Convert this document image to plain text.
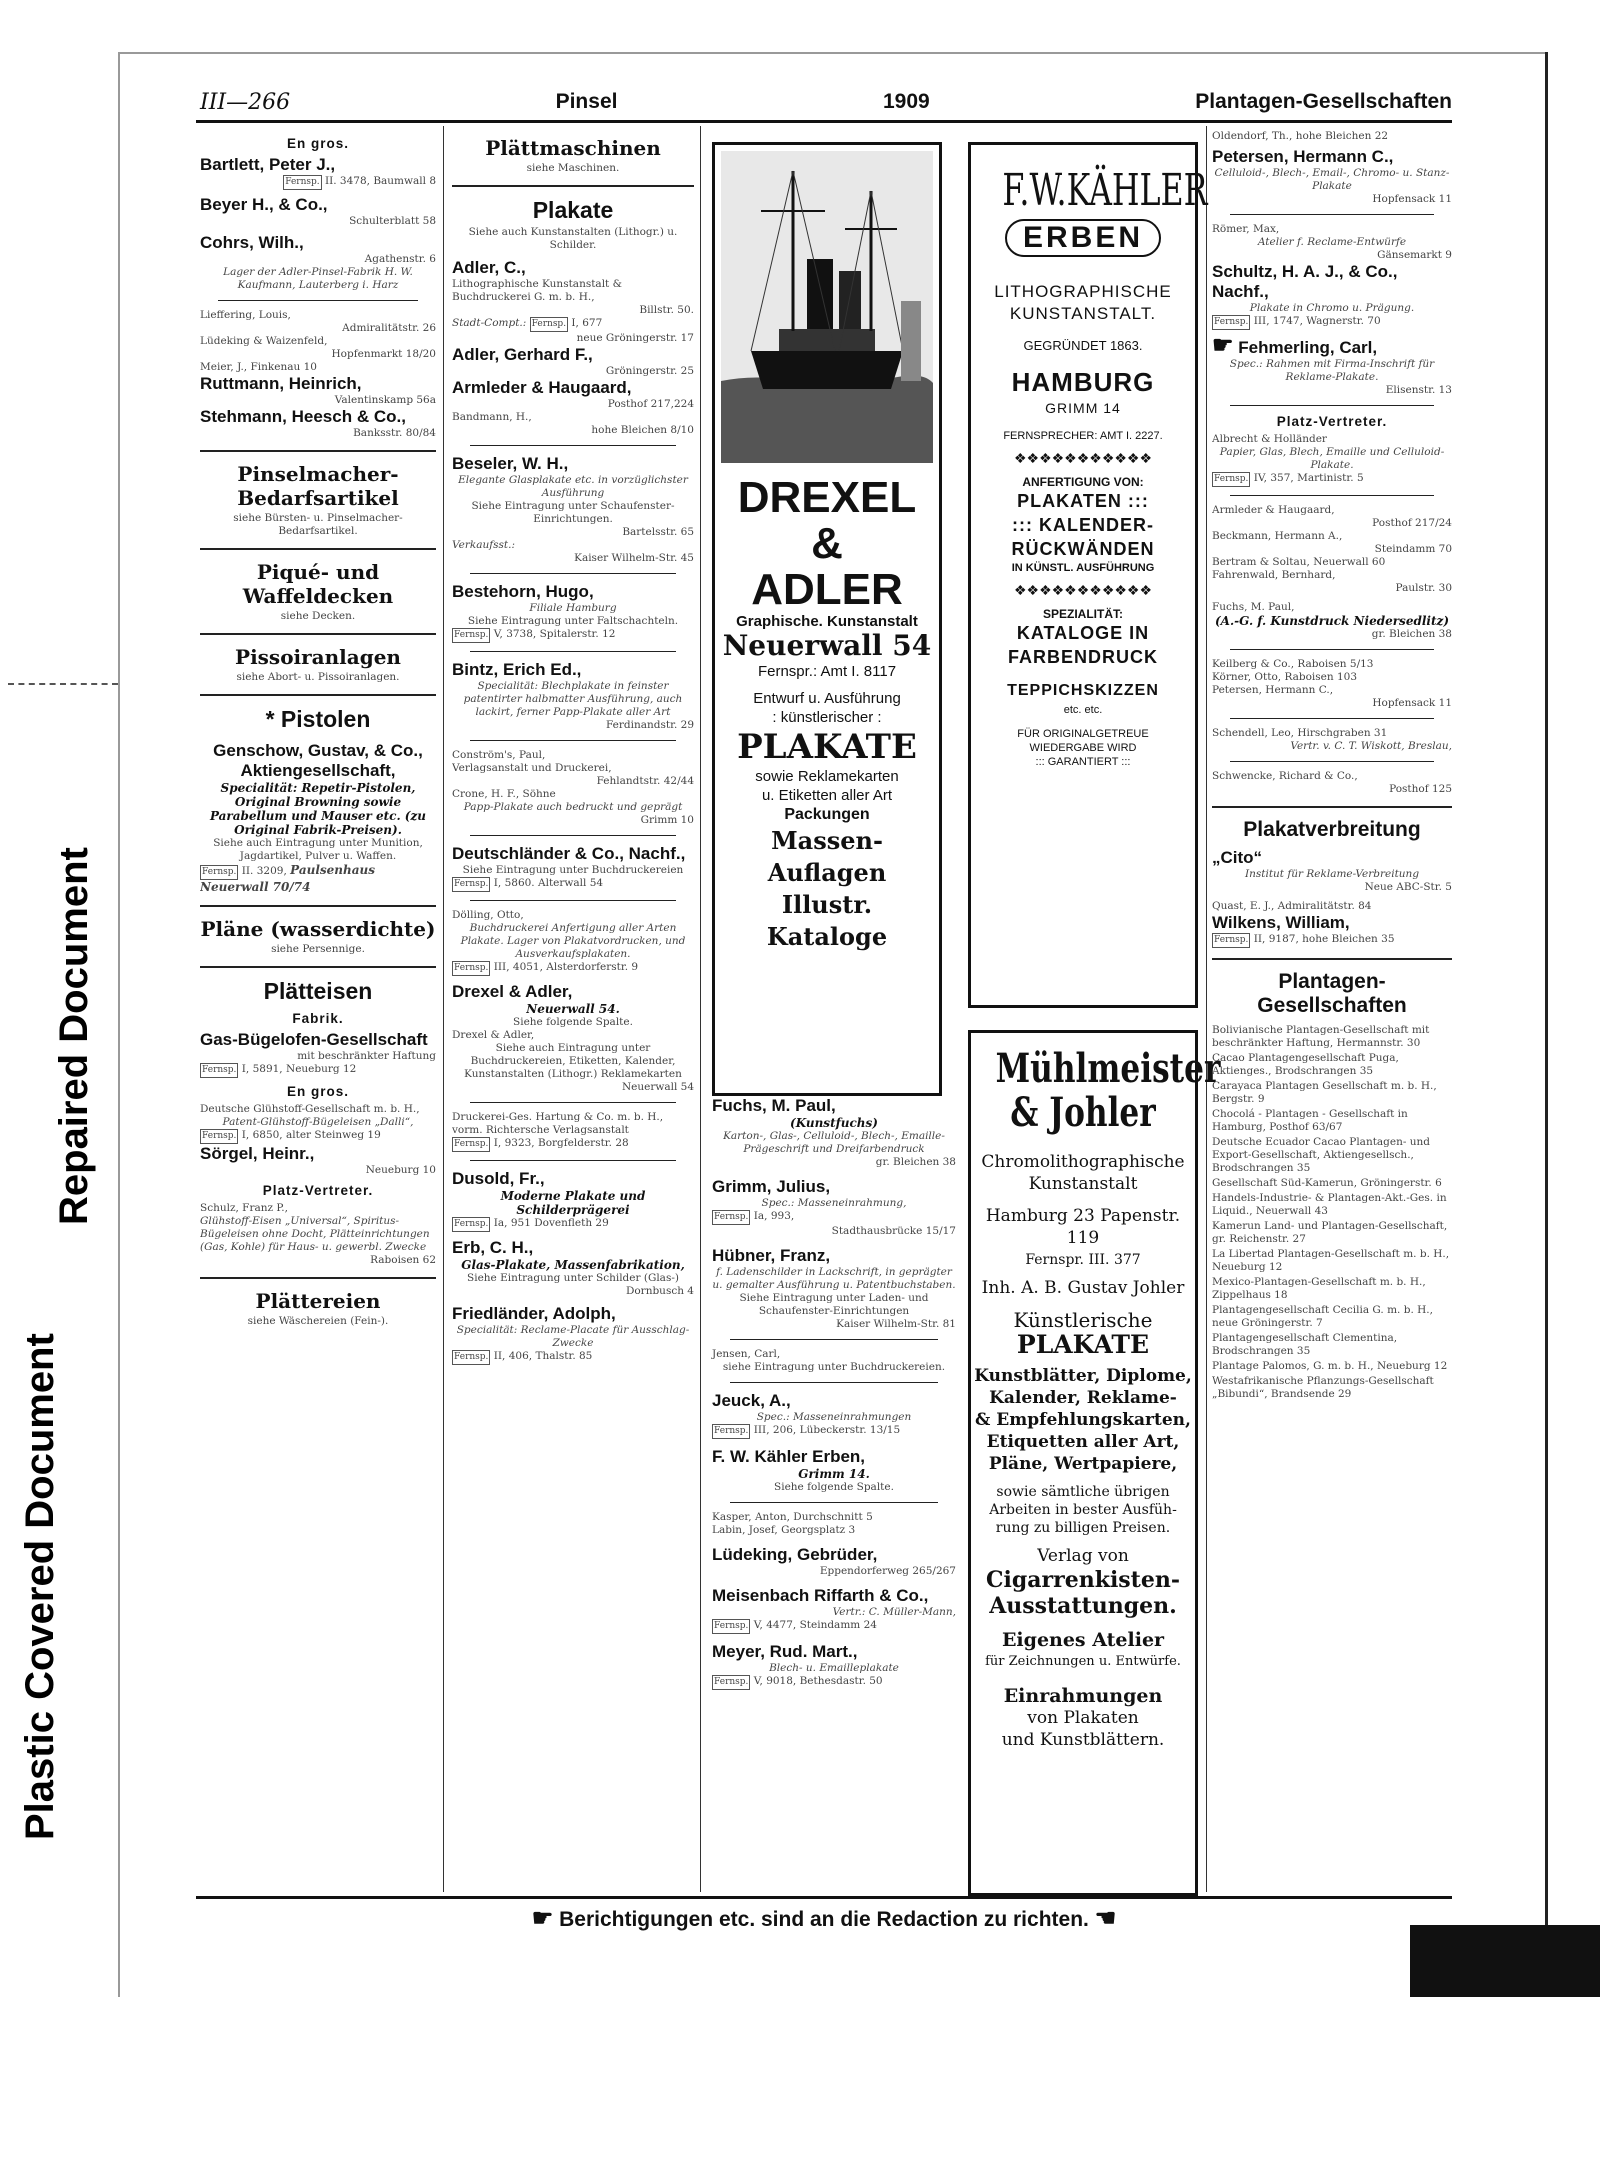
Plastic Covered Document
Repaired Document
III—266	Pinsel	1909	Plantagen-Gesellschaften
En gros.
Bartlett, Peter J.,
Fernsp. II. 3478, Baumwall 8
Beyer H., & Co.,
Schulterblatt 58
Cohrs, Wilh.,
Agathenstr. 6
Lager der Adler-Pinsel-Fabrik H. W. Kaufmann, Lauterberg i. Harz
Lieffering, Louis,
Admiralitätstr. 26
Lüdeking & Waizenfeld,
Hopfenmarkt 18/20
Meier, J., Finkenau 10
Ruttmann, Heinrich,
Valentinskamp 56a
Stehmann, Heesch & Co.,
Banksstr. 80/84
Pinselmacher-Bedarfsartikel
siehe Bürsten- u. Pinselmacher-Bedarfsartikel.
Piqué- und Waffeldecken
siehe Decken.
Pissoiranlagen
siehe Abort- u. Pissoiranlagen.
* Pistolen
Genschow, Gustav, & Co., Aktiengesellschaft,
Specialität: Repetir-Pistolen, Original Browning sowie Parabellum und Mauser etc. (zu Original Fabrik-Preisen).
Siehe auch Eintragung unter Munition, Jagdartikel, Pulver u. Waffen.
Fernsp. II. 3209, Paulsenhaus Neuerwall 70/74
Pläne (wasserdichte)
siehe Persennige.
Plätteisen
Fabrik.
Gas-Bügelofen-Gesellschaft
mit beschränkter Haftung
Fernsp. I, 5891, Neueburg 12
En gros.
Deutsche Glühstoff-Gesellschaft m. b. H.,
Patent-Glühstoff-Bügeleisen „Dalli“,
Fernsp. I, 6850, alter Steinweg 19
Sörgel, Heinr.,
Neueburg 10
Platz-Vertreter.
Schulz, Franz P.,
Glühstoff-Eisen „Universal“, Spiritus-Bügeleisen ohne Docht, Plätteinrichtungen (Gas, Kohle) für Haus- u. gewerbl. Zwecke
Raboisen 62
Plättereien
siehe Wäschereien (Fein-).
Plättmaschinen
siehe Maschinen.
Plakate
Siehe auch Kunstanstalten (Lithogr.) u. Schilder.
Adler, C.,
Lithographische Kunstanstalt & Buchdruckerei G. m. b. H.,
Billstr. 50.
Stadt-Compt.: Fernsp. I, 677
neue Gröningerstr. 17
Adler, Gerhard F.,
Gröningerstr. 25
Armleder & Haugaard,
Posthof 217,224
Bandmann, H.,
hohe Bleichen 8/10
Beseler, W. H.,
Elegante Glasplakate etc. in vorzüglichster Ausführung
Siehe Eintragung unter Schaufenster-Einrichtungen.
Bartelsstr. 65
Verkaufsst.:
Kaiser Wilhelm-Str. 45
Bestehorn, Hugo,
Filiale Hamburg
Siehe Eintragung unter Faltschachteln.
Fernsp. V, 3738, Spitalerstr. 12
Bintz, Erich Ed.,
Specialität: Blechplakate in feinster patentirter halbmatter Ausführung, auch lackirt, ferner Papp-Plakate aller Art
Ferdinandstr. 29
Conström's, Paul,
Verlagsanstalt und Druckerei,
Fehlandtstr. 42/44
Crone, H. F., Söhne
Papp-Plakate auch bedruckt und geprägt
Grimm 10
Deutschländer & Co., Nachf.,
Siehe Eintragung unter Buchdruckereien
Fernsp. I, 5860. Alterwall 54
Dölling, Otto,
Buchdruckerei Anfertigung aller Arten Plakate. Lager von Plakatvordrucken, und Ausverkaufsplakaten.
Fernsp. III, 4051, Alsterdorferstr. 9
Drexel & Adler,
Neuerwall 54.
Siehe folgende Spalte.
Drexel & Adler,
Siehe auch Eintragung unter Buchdruckereien, Etiketten, Kalender, Kunstanstalten (Lithogr.) Reklamekarten
Neuerwall 54
Druckerei-Ges. Hartung & Co. m. b. H., vorm. Richtersche Verlagsanstalt
Fernsp. I, 9323, Borgfelderstr. 28
Dusold, Fr.,
Moderne Plakate und Schilderprägerei
Fernsp. Ia, 951 Dovenfleth 29
Erb, C. H.,
Glas-Plakate, Massenfabrikation,
Siehe Eintragung unter Schilder (Glas-)
Dornbusch 4
Friedländer, Adolph,
Specialität: Reclame-Placate für Ausschlag-Zwecke
Fernsp. II, 406, Thalstr. 85
DREXEL &
ADLER
Graphische. Kunstanstalt
Neuerwall 54
Fernspr.: Amt I. 8117
Entwurf u. Ausführung
: künstlerischer :
PLAKATE
sowie Reklamekarten
u. Etiketten aller Art
Packungen
Massen-Auflagen
Illustr. Kataloge
F.W.KÄHLER
ERBEN
LITHOGRAPHISCHE
KUNSTANSTALT.
GEGRÜNDET 1863.
HAMBURG
GRIMM 14
FERNSPRECHER: AMT I. 2227.
❖❖❖❖❖❖❖❖❖❖❖
ANFERTIGUNG VON:
PLAKATEN :::
::: KALENDER-
RÜCKWÄNDEN
IN KÜNSTL. AUSFÜHRUNG
❖❖❖❖❖❖❖❖❖❖❖
SPEZIALITÄT:
KATALOGE IN
FARBENDRUCK
TEPPICHSKIZZEN
etc. etc.
FÜR ORIGINALGETREUE
WIEDERGABE WIRD
::: GARANTIERT :::
Mühlmeister
& Johler
Chromolithographische
Kunstanstalt
Hamburg 23 Papenstr. 119
Fernspr. III. 377
Inh. A. B. Gustav Johler
Künstlerische
PLAKATE
Kunstblätter, Diplome,
Kalender, Reklame-
& Empfehlungskarten,
Etiquetten aller Art,
Pläne, Wertpapiere,
sowie sämtliche übrigen
Arbeiten in bester Ausfüh-
rung zu billigen Preisen.
Verlag von
Cigarrenkisten-
Ausstattungen.
Eigenes Atelier
für Zeichnungen u. Entwürfe.
Einrahmungen
von Plakaten
und Kunstblättern.
Fuchs, M. Paul,
(Kunstfuchs)
Karton-, Glas-, Celluloid-, Blech-, Emaille-Prägeschrift und Dreifarbendruck
gr. Bleichen 38
Grimm, Julius,
Spec.: Masseneinrahmung,
Fernsp. Ia, 993,
Stadthausbrücke 15/17
Hübner, Franz,
f. Ladenschilder in Lackschrift, in geprägter u. gemalter Ausführung u. Patentbuchstaben.
Siehe Eintragung unter Laden- und Schaufenster-Einrichtungen
Kaiser Wilhelm-Str. 81
Jensen, Carl,
siehe Eintragung unter Buchdruckereien.
Jeuck, A.,
Spec.: Masseneinrahmungen
Fernsp. III, 206, Lübeckerstr. 13/15
F. W. Kähler Erben,
Grimm 14.
Siehe folgende Spalte.
Kasper, Anton, Durchschnitt 5
Labin, Josef, Georgsplatz 3
Lüdeking, Gebrüder,
Eppendorferweg 265/267
Meisenbach Riffarth & Co.,
Vertr.: C. Müller-Mann,
Fernsp. V, 4477, Steindamm 24
Meyer, Rud. Mart.,
Blech- u. Emailleplakate
Fernsp. V, 9018, Bethesdastr. 50
Oldendorf, Th., hohe Bleichen 22
Petersen, Hermann C.,
Celluloid-, Blech-, Email-, Chromo- u. Stanz-Plakate
Hopfensack 11
Römer, Max,
Atelier f. Reclame-Entwürfe
Gänsemarkt 9
Schultz, H. A. J., & Co., Nachf.,
Plakate in Chromo u. Prägung.
Fernsp. III, 1747, Wagnerstr. 70
☛ Fehmerling, Carl,
Spec.: Rahmen mit Firma-Inschrift für Reklame-Plakate.
Elisenstr. 13
Platz-Vertreter.
Albrecht & Holländer
Papier, Glas, Blech, Emaille und Celluloid-Plakate.
Fernsp. IV, 357, Martinistr. 5
Armleder & Haugaard,
Posthof 217/24
Beckmann, Hermann A.,
Steindamm 70
Bertram & Soltau, Neuerwall 60
Fahrenwald, Bernhard,
Paulstr. 30
Fuchs, M. Paul,
(A.-G. f. Kunstdruck Niedersedlitz)
gr. Bleichen 38
Keilberg & Co., Raboisen 5/13
Körner, Otto, Raboisen 103
Petersen, Hermann C.,
Hopfensack 11
Schendell, Leo, Hirschgraben 31
Vertr. v. C. T. Wiskott, Breslau,
Schwencke, Richard & Co.,
Posthof 125
Plakatverbreitung
„Cito“
Institut für Reklame-Verbreitung
Neue ABC-Str. 5
Quast, E. J., Admiralitätstr. 84
Wilkens, William,
Fernsp. II, 9187, hohe Bleichen 35
Plantagen-Gesellschaften
Bolivianische Plantagen-Gesellschaft mit beschränkter Haftung, Hermannstr. 30
Cacao Plantagengesellschaft Puga, Aktienges., Brodschrangen 35
Carayaca Plantagen Gesellschaft m. b. H., Bergstr. 9
Chocolá - Plantagen - Gesellschaft in Hamburg, Posthof 63/67
Deutsche Ecuador Cacao Plantagen- und Export-Gesellschaft, Aktiengesellsch., Brodschrangen 35
Gesellschaft Süd-Kamerun, Gröningerstr. 6
Handels-Industrie- & Plantagen-Akt.-Ges. in Liquid., Neuerwall 43
Kamerun Land- und Plantagen-Gesellschaft, gr. Reichenstr. 27
La Libertad Plantagen-Gesellschaft m. b. H., Neueburg 12
Mexico-Plantagen-Gesellschaft m. b. H., Zippelhaus 18
Plantagengesellschaft Cecilia G. m. b. H., neue Gröningerstr. 7
Plantagengesellschaft Clementina, Brodschrangen 35
Plantage Palomos, G. m. b. H., Neueburg 12
Westafrikanische Pflanzungs-Gesellschaft „Bibundi“, Brandsende 29
☛ Berichtigungen etc. sind an die Redaction zu richten. ☚
